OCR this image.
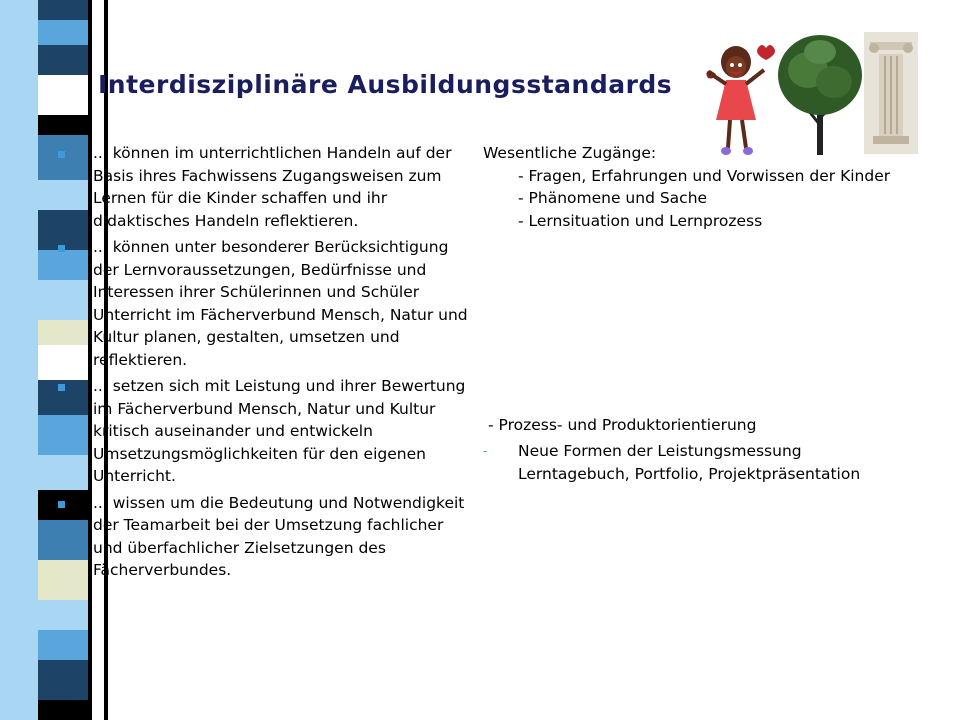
Interdisziplinäre Ausbildungsstandards
... können im unterrichtlichen Handeln auf der Basis ihres Fachwissens Zugangsweisen zum Lernen für die Kinder schaffen und ihr didaktisches Handeln reflektieren.
... können unter besonderer Berücksichtigung der Lernvoraussetzungen, Bedürfnisse und Interessen ihrer Schülerinnen und Schüler Unterricht im Fächerverbund Mensch, Natur und Kultur planen, gestalten, umsetzen und reflektieren.
... setzen sich mit Leistung und ihrer Bewertung im Fächerverbund Mensch, Natur und Kultur kritisch auseinander und entwickeln Umsetzungsmöglichkeiten für den eigenen Unterricht.
... wissen um die Bedeutung und Notwendigkeit der Teamarbeit bei der Umsetzung fachlicher und überfachlicher Zielsetzungen des Fächerverbundes.
Wesentliche Zugänge:
- Fragen, Erfahrungen und Vorwissen der Kinder
- Phänomene und Sache
- Lernsituation und Lernprozess
- Prozess- und Produktorientierung
-	Neue Formen der Leistungsmessung Lerntagebuch, Portfolio, Projektpräsentation
